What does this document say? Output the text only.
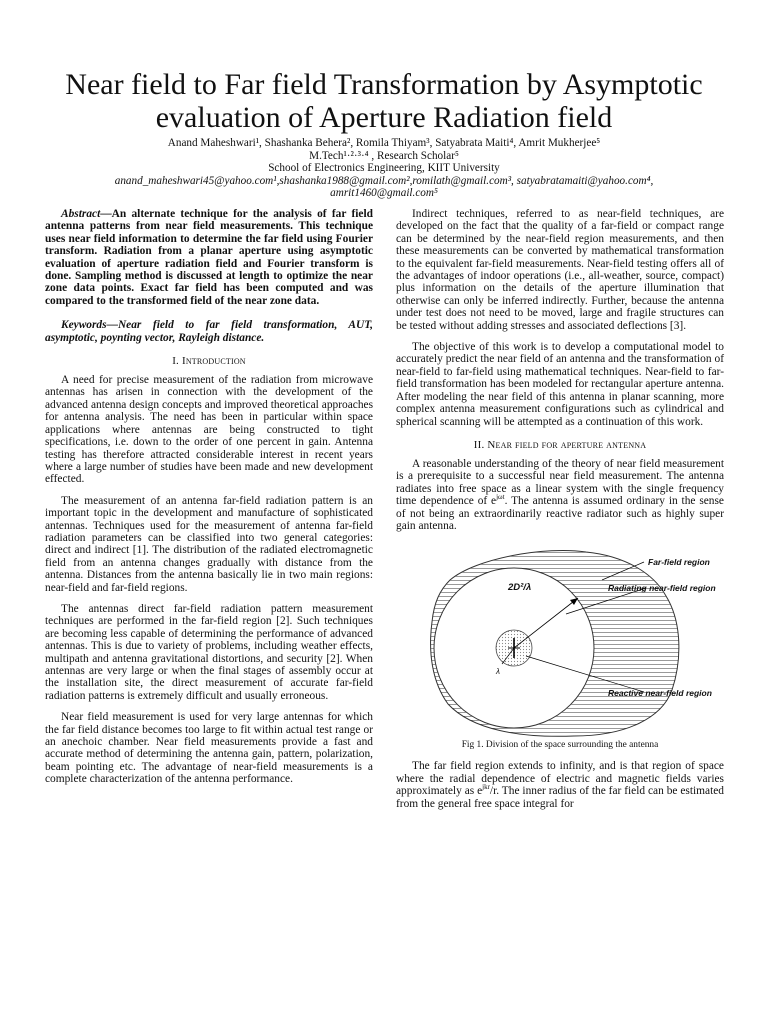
Near field to Far field Transformation by Asymptotic evaluation of Aperture Radiation field
Anand Maheshwari¹, Shashanka Behera², Romila Thiyam³, Satyabrata Maiti⁴, Amrit Mukherjee⁵
M.Tech¹·²·³·⁴ , Research Scholar⁵
School of Electronics Engineering, KIIT University
anand_maheshwari45@yahoo.com¹,shashanka1988@gmail.com²,romilath@gmail.com³, satyabratamaiti@yahoo.com⁴,
amrit1460@gmail.com⁵

Abstract—An alternate technique for the analysis of far field antenna patterns from near field measurements. This technique uses near field information to determine the far field using Fourier transform. Radiation from a planar aperture using asymptotic evaluation of aperture radiation field and Fourier transform is done. Sampling method is discussed at length to optimize the near zone data points. Exact far field has been computed and was compared to the transformed field of the near zone data.

Keywords—Near field to far field transformation, AUT, asymptotic, poynting vector, Rayleigh distance.

I. Introduction

A need for precise measurement of the radiation from microwave antennas has arisen in connection with the development of the advanced antenna design concepts and improved theoretical approaches for antenna analysis. The need has been in particular within space applications where antennas are being constructed to tight specifications, i.e. down to the order of one percent in gain. Antenna testing has therefore attracted considerable interest in recent years where a large number of studies have been made and new development effected.

The measurement of an antenna far-field radiation pattern is an important topic in the development and manufacture of sophisticated antennas. Techniques used for the measurement of antenna far-field radiation parameters can be classified into two general categories: direct and indirect [1]. The distribution of the radiated electromagnetic field from an antenna changes gradually with distance from the antenna. Distances from the antenna basically lie in two main regions: near-field and far-field regions.

The antennas direct far-field radiation pattern measurement techniques are performed in the far-field region [2]. Such techniques are becoming less capable of determining the performance of advanced antennas. This is due to variety of problems, including weather effects, multipath and antenna gravitational distortions, and security [2]. When antennas are very large or when the final stages of assembly occur at the installation site, the direct measurement of accurate far-field radiation patterns is extremely difficult and usually erroneous.

Near field measurement is used for very large antennas for which the far field distance becomes too large to fit within actual test range or an anechoic chamber. Near field measurements provide a fast and accurate method of determining the antenna gain, pattern, polarization, beam pointing etc. The advantage of near-field measurements is a complete characterization of the antenna performance.

Indirect techniques, referred to as near-field techniques, are developed on the fact that the quality of a far-field or compact range can be determined by the near-field region measurements, and then these measurements can be converted by mathematical transformation to the equivalent far-field measurements. Near-field testing offers all of the advantages of indoor operations (i.e., all-weather, source, compact) plus information on the details of the aperture illumination that otherwise can only be inferred indirectly. Further, because the antenna under test does not need to be moved, large and fragile structures can be tested without adding stresses and associated deflections [3].

The objective of this work is to develop a computational model to accurately predict the near field of an antenna and the transformation of near-field to far-field using mathematical techniques. Near-field to far-field transformation has been modeled for rectangular aperture antenna. After modeling the near field of this antenna in planar scanning, more complex antenna measurement configurations such as cylindrical and spherical scanning will be attempted as a continuation of this work.

II. Near field for aperture antenna

A reasonable understanding of the theory of near field measurement is a prerequisite to a successful near field measurement. The antenna radiates into free space as a linear system with the single frequency time dependence of $e^{j\omega t}$. The antenna is assumed ordinary in the sense of not being an extraordinarily reactive radiator such as highly super gain antenna.

Far-field region
Radiating near-field region
Reactive near-field region
2D²/λ
λ

Fig 1. Division of the space surrounding the antenna

The far field region extends to infinity, and is that region of space where the radial dependence of electric and magnetic fields varies approximately as $e^{jkr}/r$. The inner radius of the far field can be estimated from the general free space integral for
